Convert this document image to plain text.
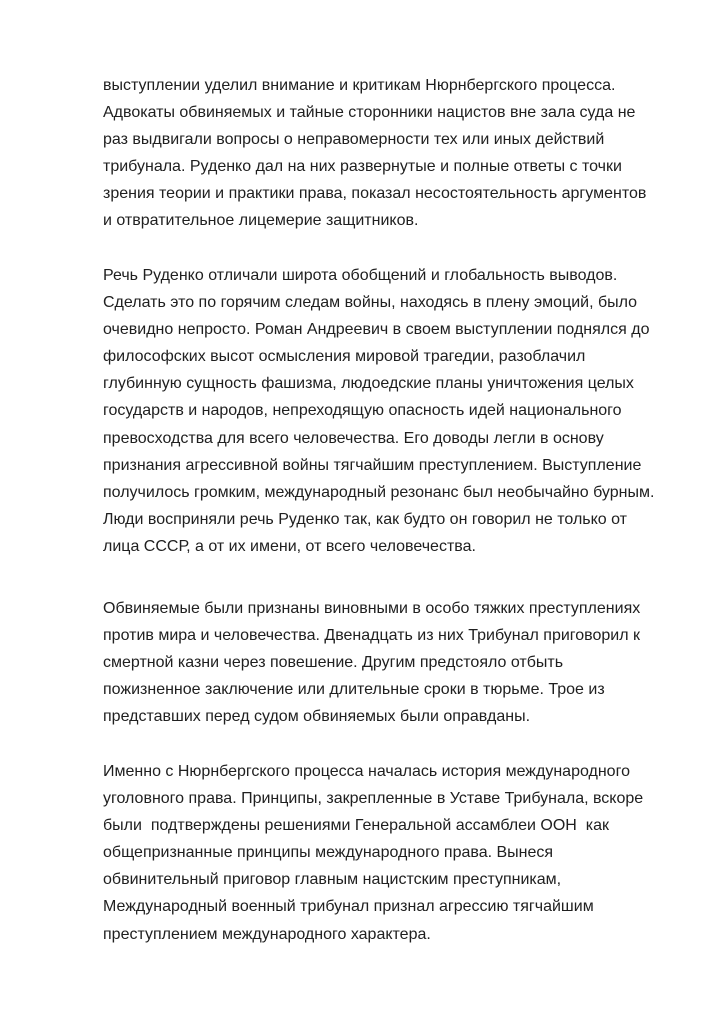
выступлении уделил внимание и критикам Нюрнбергского процесса.
Адвокаты обвиняемых и тайные сторонники нацистов вне зала суда не
раз выдвигали вопросы о неправомерности тех или иных действий
трибунала. Руденко дал на них развернутые и полные ответы с точки
зрения теории и практики права, показал несостоятельность аргументов
и отвратительное лицемерие защитников.

Речь Руденко отличали широта обобщений и глобальность выводов.
Сделать это по горячим следам войны, находясь в плену эмоций, было
очевидно непросто. Роман Андреевич в своем выступлении поднялся до
философских высот осмысления мировой трагедии, разоблачил
глубинную сущность фашизма, людоедские планы уничтожения целых
государств и народов, непреходящую опасность идей национального
превосходства для всего человечества. Его доводы легли в основу
признания агрессивной войны тягчайшим преступлением. Выступление
получилось громким, международный резонанс был необычайно бурным.
Люди восприняли речь Руденко так, как будто он говорил не только от
лица СССР, а от их имени, от всего человечества.

Обвиняемые были признаны виновными в особо тяжких преступлениях
против мира и человечества. Двенадцать из них Трибунал приговорил к
смертной казни через повешение. Другим предстояло отбыть
пожизненное заключение или длительные сроки в тюрьме. Трое из
представших перед судом обвиняемых были оправданы.

Именно с Нюрнбергского процесса началась история международного
уголовного права. Принципы, закрепленные в Уставе Трибунала, вскоре
были  подтверждены решениями Генеральной ассамблеи ООН  как
общепризнанные принципы международного права. Вынеся
обвинительный приговор главным нацистским преступникам,
Международный военный трибунал признал агрессию тягчайшим
преступлением международного характера.
